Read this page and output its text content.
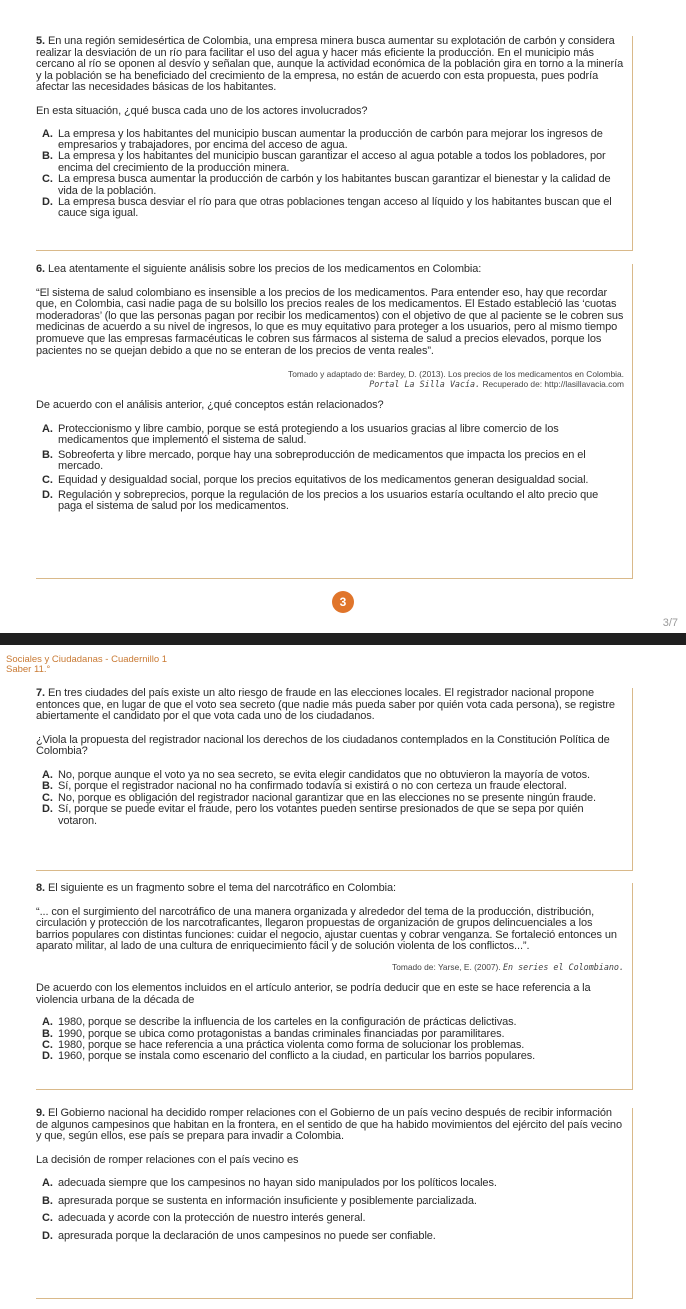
5. En una región semidesértica de Colombia, una empresa minera busca aumentar su explotación de carbón y considera realizar la desviación de un río para facilitar el uso del agua y hacer más eficiente la producción. En el municipio más cercano al río se oponen al desvío y señalan que, aunque la actividad económica de la población gira en torno a la minería y la población se ha beneficiado del crecimiento de la empresa, no están de acuerdo con esta propuesta, pues podría afectar las necesidades básicas de los habitantes.

En esta situación, ¿qué busca cada uno de los actores involucrados?

A. La empresa y los habitantes del municipio buscan aumentar la producción de carbón para mejorar los ingresos de empresarios y trabajadores, por encima del acceso de agua.
B. La empresa y los habitantes del municipio buscan garantizar el acceso al agua potable a todos los pobladores, por encima del crecimiento de la producción minera.
C. La empresa busca aumentar la producción de carbón y los habitantes buscan garantizar el bienestar y la calidad de vida de la población.
D. La empresa busca desviar el río para que otras poblaciones tengan acceso al líquido y los habitantes buscan que el cauce siga igual.

6. Lea atentamente el siguiente análisis sobre los precios de los medicamentos en Colombia:

“El sistema de salud colombiano es insensible a los precios de los medicamentos. Para entender eso, hay que recordar que, en Colombia, casi nadie paga de su bolsillo los precios reales de los medicamentos. El Estado estableció las ‘cuotas moderadoras’ (lo que las personas pagan por recibir los medicamentos) con el objetivo de que al paciente se le cobren sus medicinas de acuerdo a su nivel de ingresos, lo que es muy equitativo para proteger a los usuarios, pero al mismo tiempo promueve que las empresas farmacéuticas le cobren sus fármacos al sistema de salud a precios elevados, porque los pacientes no se quejan debido a que no se enteran de los precios de venta reales”.

Tomado y adaptado de: Bardey, D. (2013). Los precios de los medicamentos en Colombia.
Portal La Silla Vacía. Recuperado de: http://lasillavacia.com

De acuerdo con el análisis anterior, ¿qué conceptos están relacionados?

A. Proteccionismo y libre cambio, porque se está protegiendo a los usuarios gracias al libre comercio de los medicamentos que implementó el sistema de salud.
B. Sobreoferta y libre mercado, porque hay una sobreproducción de medicamentos que impacta los precios en el mercado.
C. Equidad y desigualdad social, porque los precios equitativos de los medicamentos generan desigualdad social.
D. Regulación y sobreprecios, porque la regulación de los precios a los usuarios estaría ocultando el alto precio que paga el sistema de salud por los medicamentos.
3
3/7
Sociales y Ciudadanas - Cuadernillo 1
Saber 11.°

7. En tres ciudades del país existe un alto riesgo de fraude en las elecciones locales. El registrador nacional propone entonces que, en lugar de que el voto sea secreto (que nadie más pueda saber por quién vota cada persona), se registre abiertamente el candidato por el que vota cada uno de los ciudadanos.

¿Viola la propuesta del registrador nacional los derechos de los ciudadanos contemplados en la Constitución Política de Colombia?

A. No, porque aunque el voto ya no sea secreto, se evita elegir candidatos que no obtuvieron la mayoría de votos.
B. Sí, porque el registrador nacional no ha confirmado todavía si existirá o no con certeza un fraude electoral.
C. No, porque es obligación del registrador nacional garantizar que en las elecciones no se presente ningún fraude.
D. Sí, porque se puede evitar el fraude, pero los votantes pueden sentirse presionados de que se sepa por quién votaron.

8. El siguiente es un fragmento sobre el tema del narcotráfico en Colombia:

“... con el surgimiento del narcotráfico de una manera organizada y alrededor del tema de la producción, distribución, circulación y protección de los narcotraficantes, llegaron propuestas de organización de grupos delincuenciales a los barrios populares con distintas funciones: cuidar el negocio, ajustar cuentas y cobrar venganza. Se fortaleció entonces un aparato militar, al lado de una cultura de enriquecimiento fácil y de solución violenta de los conflictos...”.

Tomado de: Yarse, E. (2007). En series el Colombiano.

De acuerdo con los elementos incluidos en el artículo anterior, se podría deducir que en este se hace referencia a la violencia urbana de la década de

A. 1980, porque se describe la influencia de los carteles en la configuración de prácticas delictivas.
B. 1990, porque se ubica como protagonistas a bandas criminales financiadas por paramilitares.
C. 1980, porque se hace referencia a una práctica violenta como forma de solucionar los problemas.
D. 1960, porque se instala como escenario del conflicto a la ciudad, en particular los barrios populares.

9. El Gobierno nacional ha decidido romper relaciones con el Gobierno de un país vecino después de recibir información de algunos campesinos que habitan en la frontera, en el sentido de que ha habido movimientos del ejército del país vecino y que, según ellos, ese país se prepara para invadir a Colombia.

La decisión de romper relaciones con el país vecino es

A. adecuada siempre que los campesinos no hayan sido manipulados por los políticos locales.
B. apresurada porque se sustenta en información insuficiente y posiblemente parcializada.
C. adecuada y acorde con la protección de nuestro interés general.
D. apresurada porque la declaración de unos campesinos no puede ser confiable.
